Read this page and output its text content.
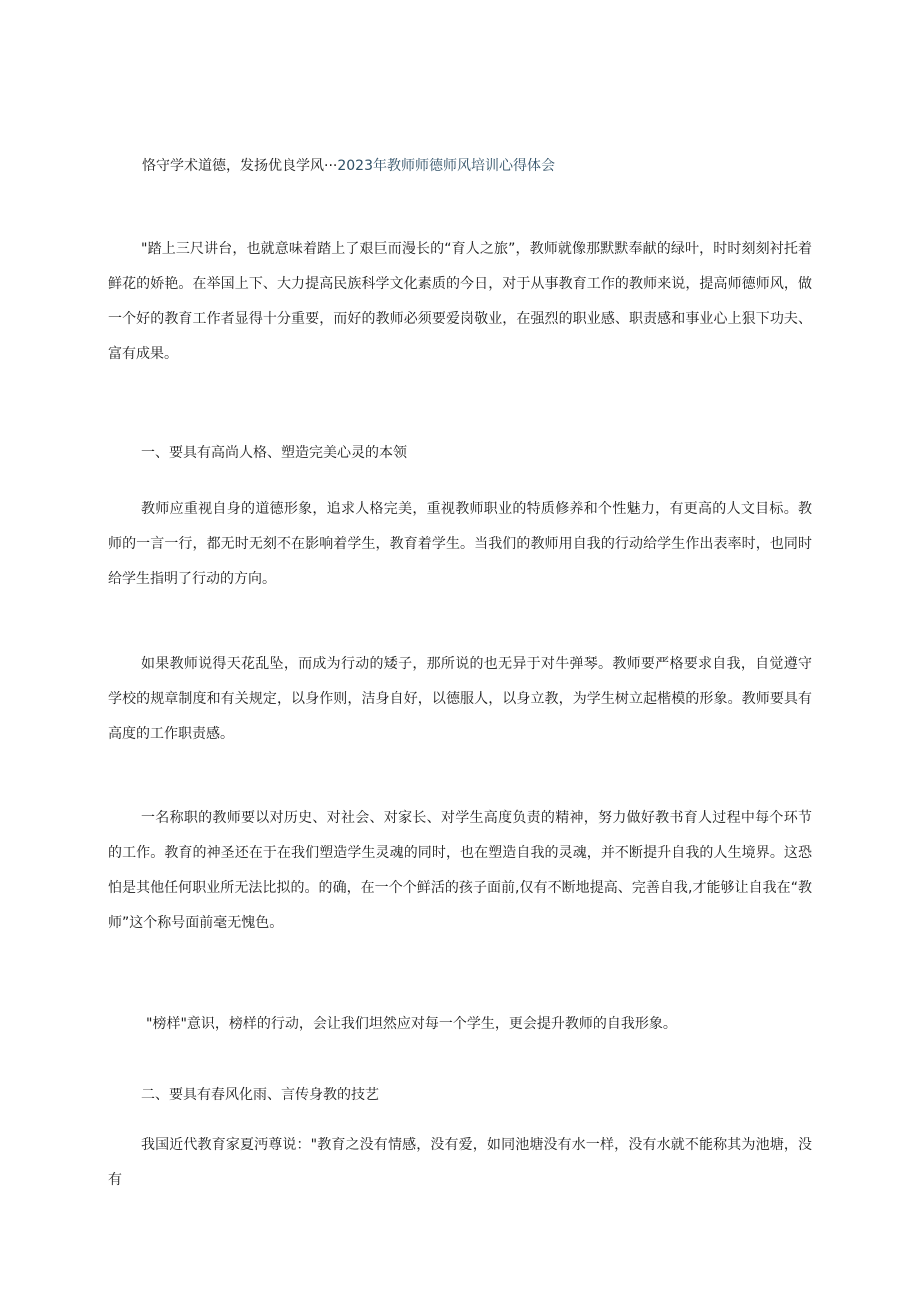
恪守学术道德，发扬优良学风···2023年教师师德师风培训心得体会

"踏上三尺讲台，也就意味着踏上了艰巨而漫长的“育人之旅”，教师就像那默默奉献的绿叶，时时刻刻衬托着鲜花的娇艳。在举国上下、大力提高民族科学文化素质的今日，对于从事教育工作的教师来说，提高师德师风，做一个好的教育工作者显得十分重要，而好的教师必须要爱岗敬业，在强烈的职业感、职责感和事业心上狠下功夫、富有成果。

一、要具有高尚人格、塑造完美心灵的本领

教师应重视自身的道德形象，追求人格完美，重视教师职业的特质修养和个性魅力，有更高的人文目标。教师的一言一行，都无时无刻不在影响着学生，教育着学生。当我们的教师用自我的行动给学生作出表率时，也同时给学生指明了行动的方向。

如果教师说得天花乱坠，而成为行动的矮子，那所说的也无异于对牛弹琴。教师要严格要求自我，自觉遵守学校的规章制度和有关规定，以身作则，洁身自好，以德服人，以身立教，为学生树立起楷模的形象。教师要具有高度的工作职责感。

一名称职的教师要以对历史、对社会、对家长、对学生高度负责的精神，努力做好教书育人过程中每个环节的工作。教育的神圣还在于在我们塑造学生灵魂的同时，也在塑造自我的灵魂，并不断提升自我的人生境界。这恐怕是其他任何职业所无法比拟的。的确，在一个个鲜活的孩子面前,仅有不断地提高、完善自我,才能够让自我在“教师”这个称号面前毫无愧色。

"榜样"意识，榜样的行动，会让我们坦然应对每一个学生，更会提升教师的自我形象。

二、要具有春风化雨、言传身教的技艺

我国近代教育家夏沔尊说："教育之没有情感，没有爱，如同池塘没有水一样，没有水就不能称其为池塘，没有
